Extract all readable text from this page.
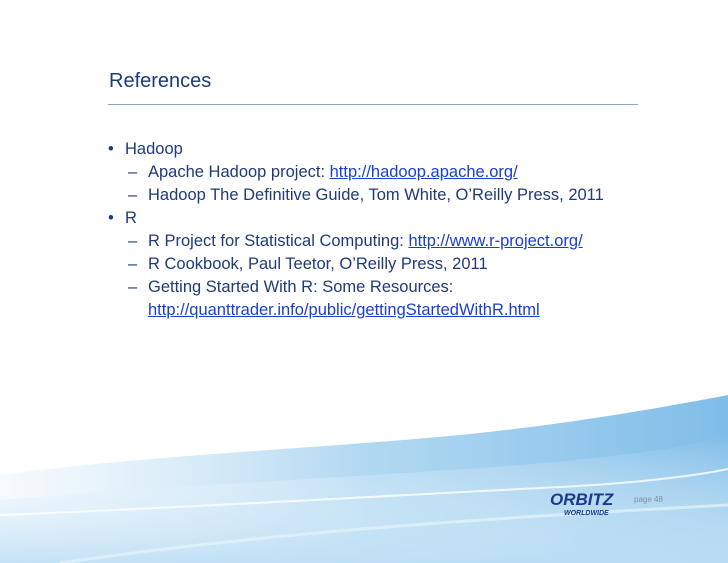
References
• Hadoop
– Apache Hadoop project: http://hadoop.apache.org/
– Hadoop The Definitive Guide, Tom White, O’Reilly Press, 2011
• R
– R Project for Statistical Computing: http://www.r-project.org/
– R Cookbook, Paul Teetor, O’Reilly Press, 2011
– Getting Started With R: Some Resources: http://quanttrader.info/public/gettingStartedWithR.html
ORBITZ
WORLDWIDE
page 48
